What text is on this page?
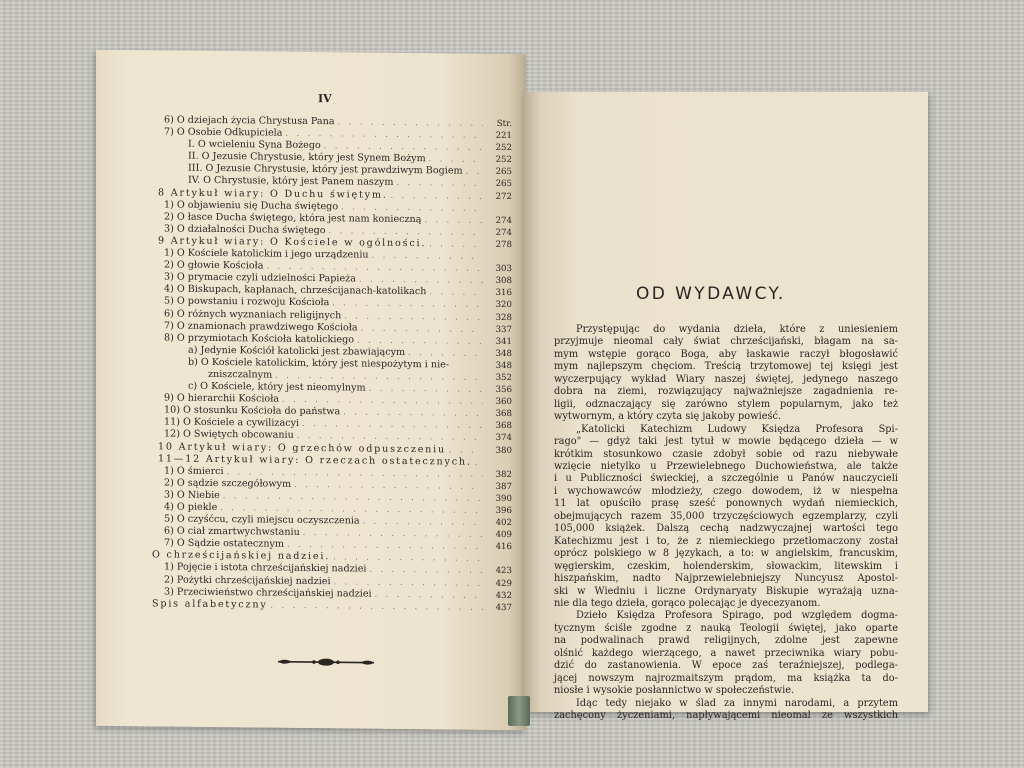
IV
6) O dziejach życia Chrystusa Pana . . .	Str.
7) O Osobie Odkupiciela . . .	221
I. O wcieleniu Syna Bożego . . .	252
II. O Jezusie Chrystusie, który jest Synem Bożym . . .	252
III. O Jezusie Chrystusie, który jest prawdziwym Bogiem . . .	265
IV. O Chrystusie, który jest Panem naszym . . .	265
8 Artykuł wiary: O Duchu świętym. . . .	272
1) O objawieniu się Ducha świętego
. . .
2) O łasce Ducha świętego, która jest nam konieczną . . .	274
3) O działalności Ducha świętego . . .	274
9 Artykuł wiary: O Kościele w ogólności. . . .	278
1) O Kościele katolickim i jego urządzeniu
. . .
2) O głowie Kościoła . . .	303
3) O prymacie czyli udzielności Papieża . . .	308
4) O Biskupach, kapłanach, chrześcijanach-katolikach . . .	316
5) O powstaniu i rozwoju Kościoła . . .	320
6) O różnych wyznaniach religijnych . . .	328
7) O znamionach prawdziwego Kościoła . . .	337
8) O przymiotach Kościoła katolickiego . . .	341
a) Jedynie Kościół katolicki jest zbawiającym . . .	348
b) O Kościele katolickim, który jest niespożytym i nie-	348
zniszczalnym . . .	352
c) O Kościele, który jest nieomylnym . . .	356
9) O hierarchii Kościoła . . .	360
10) O stosunku Kościoła do państwa . . .	368
11) O Kościele a cywilizacyi . . .	368
12) O Świętych obcowaniu . . .	374
10 Artykuł wiary: O grzechów odpuszczeniu . . .	380
11—12 Artykuł wiary: O rzeczach ostatecznych.
. . .
1) O śmierci . . .	382
2) O sądzie szczegółowym . . .	387
3) O Niebie . . .	390
4) O piekle . . .	396
5) O czyśćcu, czyli miejscu oczyszczenia . . .	402
6) O ciał zmartwychwstaniu . . .	409
7) O Sądzie ostatecznym . . .	416
O chrześcijańskiej nadziei.
. . .
1) Pojęcie i istota chrześcijańskiej nadziei . . .	423
2) Pożytki chrześcijańskiej nadziei . . .	429
3) Przeciwieństwo chrześcijańskiej nadziei . . .	432
Spis alfabetyczny . . .	437
OD WYDAWCY.

Przystępując do wydania dzieła, które z uniesieniem
przyjmuje nieomal cały świat chrześcijański, błagam na sa-
mym wstępie gorąco Boga, aby łaskawie raczył błogosławić
mym najlepszym chęciom. Treścią trzytomowej tej księgi jest
wyczerpujący wykład Wiary naszej świętej, jedynego naszego
dobra na ziemi, rozwiązujący najważniejsze zagadnienia re-
ligii, odznaczający się zarówno stylem popularnym, jako też
wytwornym, a który czyta się jakoby powieść.

„Katolicki Katechizm Ludowy Księdza Profesora Spi-
rago" — gdyż taki jest tytuł w mowie będącego dzieła — w
krótkim stosunkowo czasie zdobył sobie od razu niebywałe
wzięcie nietylko u Przewielebnego Duchowieństwa, ale także
i u Publiczności świeckiej, a szczególnie u Panów nauczycieli
i wychowawców młodzieży, czego dowodem, iż w niespełna
11 lat opuściło prasę sześć ponownych wydań niemieckich,
obejmujących razem 35,000 trzyczęściowych egzemplarzy, czyli
105,000 książek. Dalszą cechą nadzwyczajnej wartości tego
Katechizmu jest i to, że z niemieckiego przetłomaczony został
oprócz polskiego w 8 językach, a to: w angielskim, francuskim,
węgierskim, czeskim, holenderskim, słowackim, litewskim i
hiszpańskim, nadto Najprzewielebniejszy Nuncyusz Apostol-
ski w Wiedniu i liczne Ordynaryaty Biskupie wyrażają uzna-
nie dla tego dzieła, gorąco polecając je dyecezyanom.

Dzieło Księdza Profesora Spirago, pod względem dogma-
tycznym ściśle zgodne z nauką Teologii świętej, jako oparte
na podwalinach prawd religijnych, zdolne jest zapewne
olśnić każdego wierzącego, a nawet przeciwnika wiary pobu-
dzić do zastanowienia. W epoce zaś teraźniejszej, podlega-
jącej nowszym najrozmaitszym prądom, ma książka ta do-
niosłe i wysokie posłannictwo w społeczeństwie.

Idąc tedy niejako w ślad za innymi narodami, a przytem
zachęcony życzeniami, napływającemi nieomal ze wszystkich
